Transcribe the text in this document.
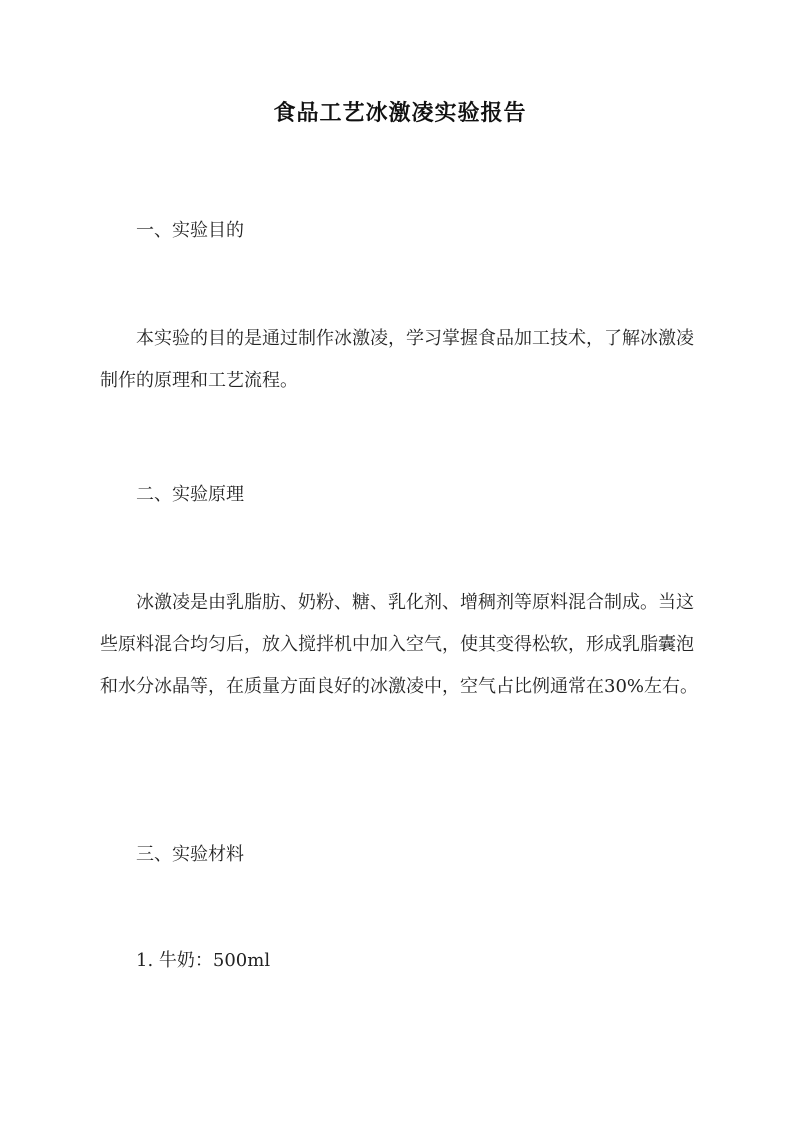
食品工艺冰激凌实验报告

一、实验目的

本实验的目的是通过制作冰激凌，学习掌握食品加工技术，了解冰激凌制作的原理和工艺流程。

二、实验原理

冰激凌是由乳脂肪、奶粉、糖、乳化剂、增稠剂等原料混合制成。当这些原料混合均匀后，放入搅拌机中加入空气，使其变得松软，形成乳脂囊泡和水分冰晶等，在质量方面良好的冰激凌中，空气占比例通常在30%左右。

三、实验材料

1. 牛奶：500ml
